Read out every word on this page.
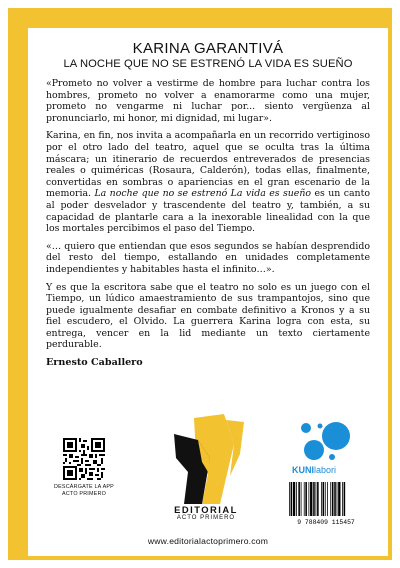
KARINA GARANTIVÁ
LA NOCHE QUE NO SE ESTRENÓ LA VIDA ES SUEÑO

«Prometo no volver a vestirme de hombre para luchar contra los hombres, prometo no volver a enamorarme como una mujer, prometo no vengarme ni luchar por... siento vergüenza al pronunciarlo, mi honor, mi dignidad, mi lugar».

Karina, en fin, nos invita a acompañarla en un recorrido vertiginoso por el otro lado del teatro, aquel que se oculta tras la última máscara; un itinerario de recuerdos entreverados de presencias reales o quiméricas (Rosaura, Calderón), todas ellas, finalmente, convertidas en sombras o apariencias en el gran escenario de la memoria. La noche que no se estrenó La vida es sueño es un canto al poder desvelador y trascendente del teatro y, también, a su capacidad de plantarle cara a la inexorable linealidad con la que los mortales percibimos el paso del Tiempo.

«… quiero que entiendan que esos segundos se habían desprendido del resto del tiempo, estallando en unidades completamente independientes y habitables hasta el infinito…».

Y es que la escritora sabe que el teatro no solo es un juego con el Tiempo, un lúdico amaestramiento de sus trampantojos, sino que puede igualmente desafiar en combate definitivo a Kronos y a su fiel escudero, el Olvido. La guerrera Karina logra con esta, su entrega, vencer en la lid mediante un texto ciertamente perdurable.

Ernesto Caballero
DESCÁRGATE LA APP
ACTO PRIMERO
EDITORIAL
ACTO PRIMERO
KUNIlabori
9 788409 115457
www.editorialactoprimero.com
